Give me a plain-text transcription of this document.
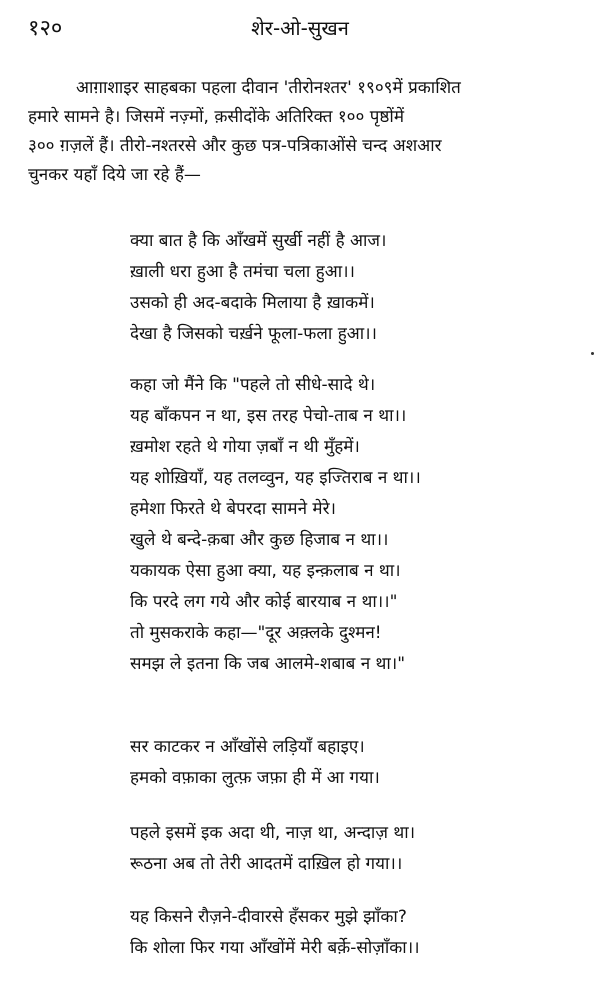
१२०	शेर-ओ-सुखन
आग़ाशाइर साहबका पहला दीवान 'तीरोनश्तर' १९०९में प्रकाशित
हमारे सामने है। जिसमें नज़्मों, क़सीदोंके अतिरिक्त १०० पृष्ठोंमें
३०० ग़ज़लें हैं। तीरो-नश्तरसे और कुछ पत्र-पत्रिकाओंसे चन्द अशआर
चुनकर यहाँ दिये जा रहे हैं—
क्या बात है कि आँखमें सुर्खी नहीं है आज।
ख़ाली धरा हुआ है तमंचा चला हुआ।।
उसको ही अद-बदाके मिलाया है ख़ाकमें।
देखा है जिसको चर्ख़ने फूला-फला हुआ।।
कहा जो मैंने कि "पहले तो सीधे-सादे थे।
यह बाँकपन न था, इस तरह पेचो-ताब न था।।
ख़मोश रहते थे गोया ज़बाँ न थी मुँहमें।
यह शोख़ियाँ, यह तलव्वुन, यह इज्तिराब न था।।
हमेशा फिरते थे बेपरदा सामने मेरे।
खुले थे बन्दे-क़बा और कुछ हिजाब न था।।
यकायक ऐसा हुआ क्या, यह इन्क़लाब न था।
कि परदे लग गये और कोई बारयाब न था।।"
तो मुसकराके कहा—"दूर अक़्लके दुश्मन!
समझ ले इतना कि जब आलमे-शबाब न था।"
सर काटकर न आँखोंसे लड़ियाँ बहाइए।
हमको वफ़ाका लुत्फ़ जफ़ा ही में आ गया।
पहले इसमें इक अदा थी, नाज़ था, अन्दाज़ था।
रूठना अब तो तेरी आदतमें दाख़िल हो गया।।
यह किसने रौज़ने-दीवारसे हँसकर मुझे झाँका?
कि शोला फिर गया आँखोंमें मेरी बर्क़े-सोज़ाँका।।
